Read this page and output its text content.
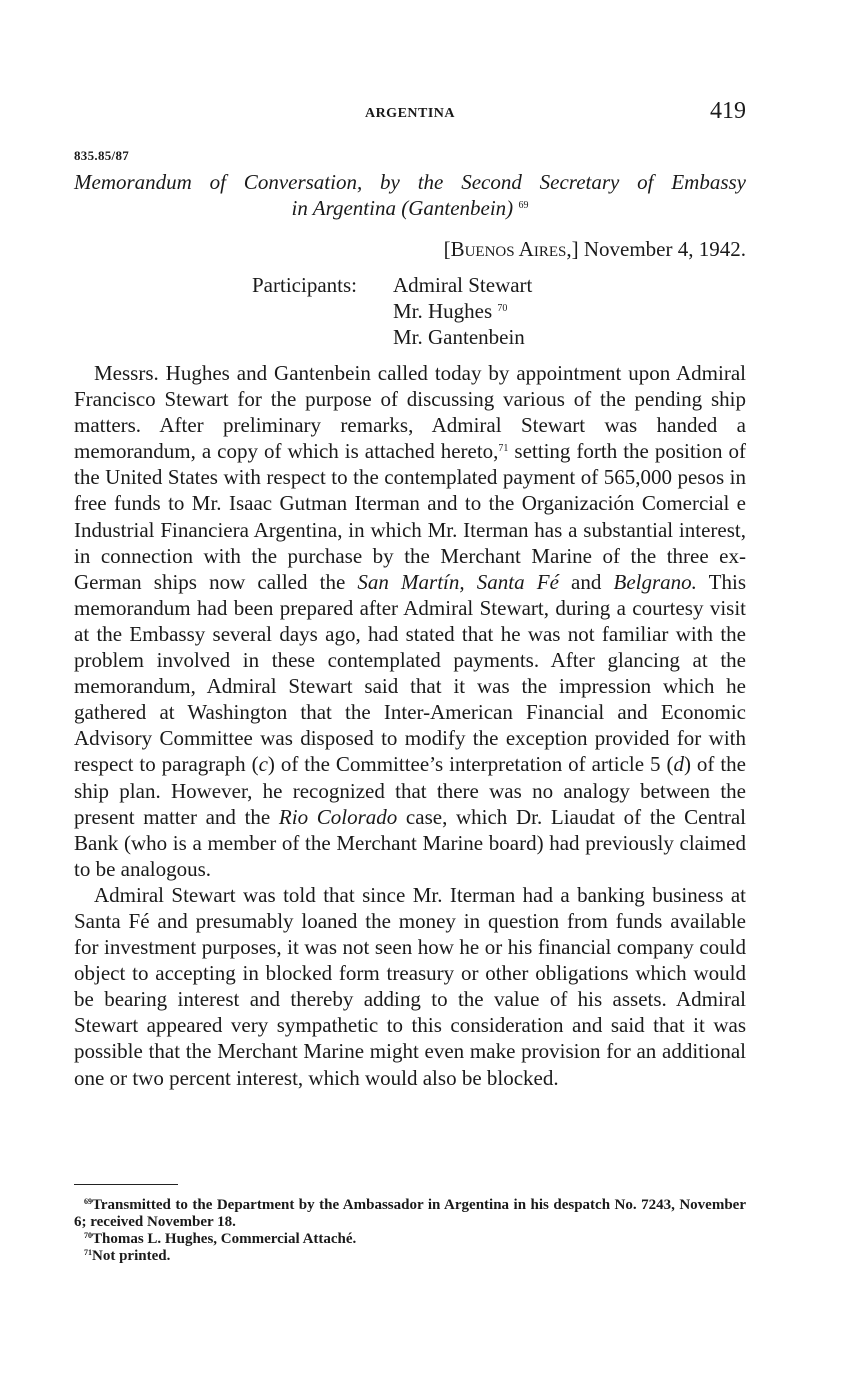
ARGENTINA	419
835.85/87
Memorandum of Conversation, by the Second Secretary of Embassy
in Argentina (Gantenbein) $^{69}$
[Buenos Aires,] November 4, 1942.
Participants: Admiral Stewart
Mr. Hughes $^{70}$
Mr. Gantenbein

Messrs. Hughes and Gantenbein called today by appointment upon Admiral Francisco Stewart for the purpose of discussing various of the pending ship matters. After preliminary remarks, Admiral Stewart was handed a memorandum, a copy of which is attached hereto,$^{71}$ setting forth the position of the United States with respect to the contemplated payment of 565,000 pesos in free funds to Mr. Isaac Gutman Iterman and to the Organización Comercial e Industrial Financiera Argentina, in which Mr. Iterman has a substantial interest, in connection with the purchase by the Merchant Marine of the three ex-German ships now called the San Martín, Santa Fé and Belgrano. This memorandum had been prepared after Admiral Stewart, during a courtesy visit at the Embassy several days ago, had stated that he was not familiar with the problem involved in these contemplated payments. After glancing at the memorandum, Admiral Stewart said that it was the impression which he gathered at Washington that the Inter-American Financial and Economic Advisory Committee was disposed to modify the exception provided for with respect to paragraph (c) of the Committee’s interpretation of article 5 (d) of the ship plan. However, he recognized that there was no analogy between the present matter and the Rio Colorado case, which Dr. Liaudat of the Central Bank (who is a member of the Merchant Marine board) had previously claimed to be analogous.

Admiral Stewart was told that since Mr. Iterman had a banking business at Santa Fé and presumably loaned the money in question from funds available for investment purposes, it was not seen how he or his financial company could object to accepting in blocked form treasury or other obligations which would be bearing interest and thereby adding to the value of his assets. Admiral Stewart appeared very sympathetic to this consideration and said that it was possible that the Merchant Marine might even make provision for an additional one or two percent interest, which would also be blocked.

$^{69}$Transmitted to the Department by the Ambassador in Argentina in his despatch No. 7243, November 6; received November 18.

$^{70}$Thomas L. Hughes, Commercial Attaché.

$^{71}$Not printed.
